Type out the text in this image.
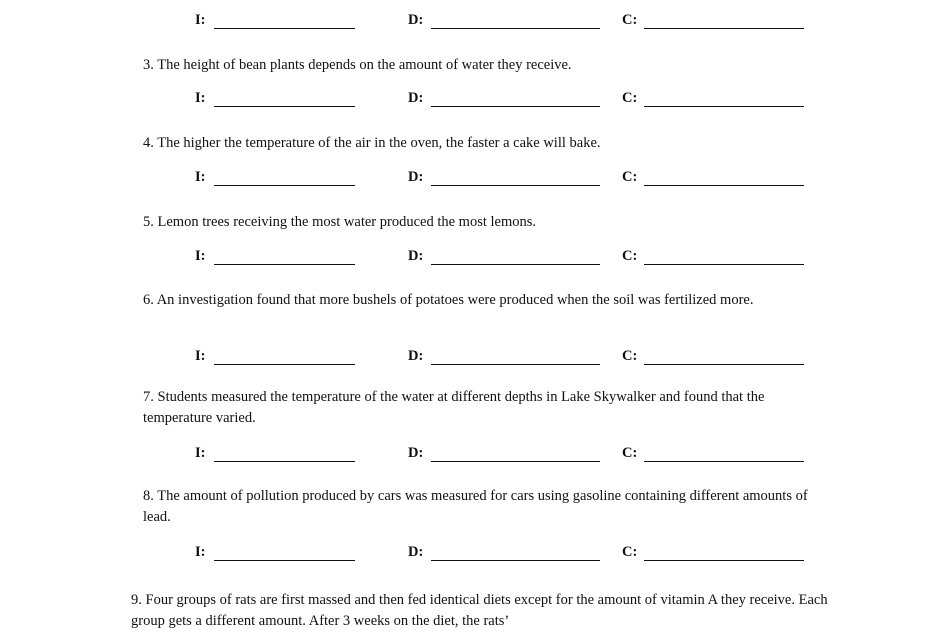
I:	D:	C:

3. The height of bean plants depends on the amount of water they receive.

I:	D:	C:

4. The higher the temperature of the air in the oven, the faster a cake will bake.

I:	D:	C:

5. Lemon trees receiving the most water produced the most lemons.

I:	D:	C:

6. An investigation found that more bushels of potatoes were produced when the soil was fertilized more.

I:	D:	C:

7. Students measured the temperature of the water at different depths in Lake Skywalker and found that the temperature varied.

I:	D:	C:

8. The amount of pollution produced by cars was measured for cars using gasoline containing different amounts of lead.

I:	D:	C:

9. Four groups of rats are first massed and then fed identical diets except for the amount of vitamin A they receive. Each group gets a different amount. After 3 weeks on the diet, the rats’
